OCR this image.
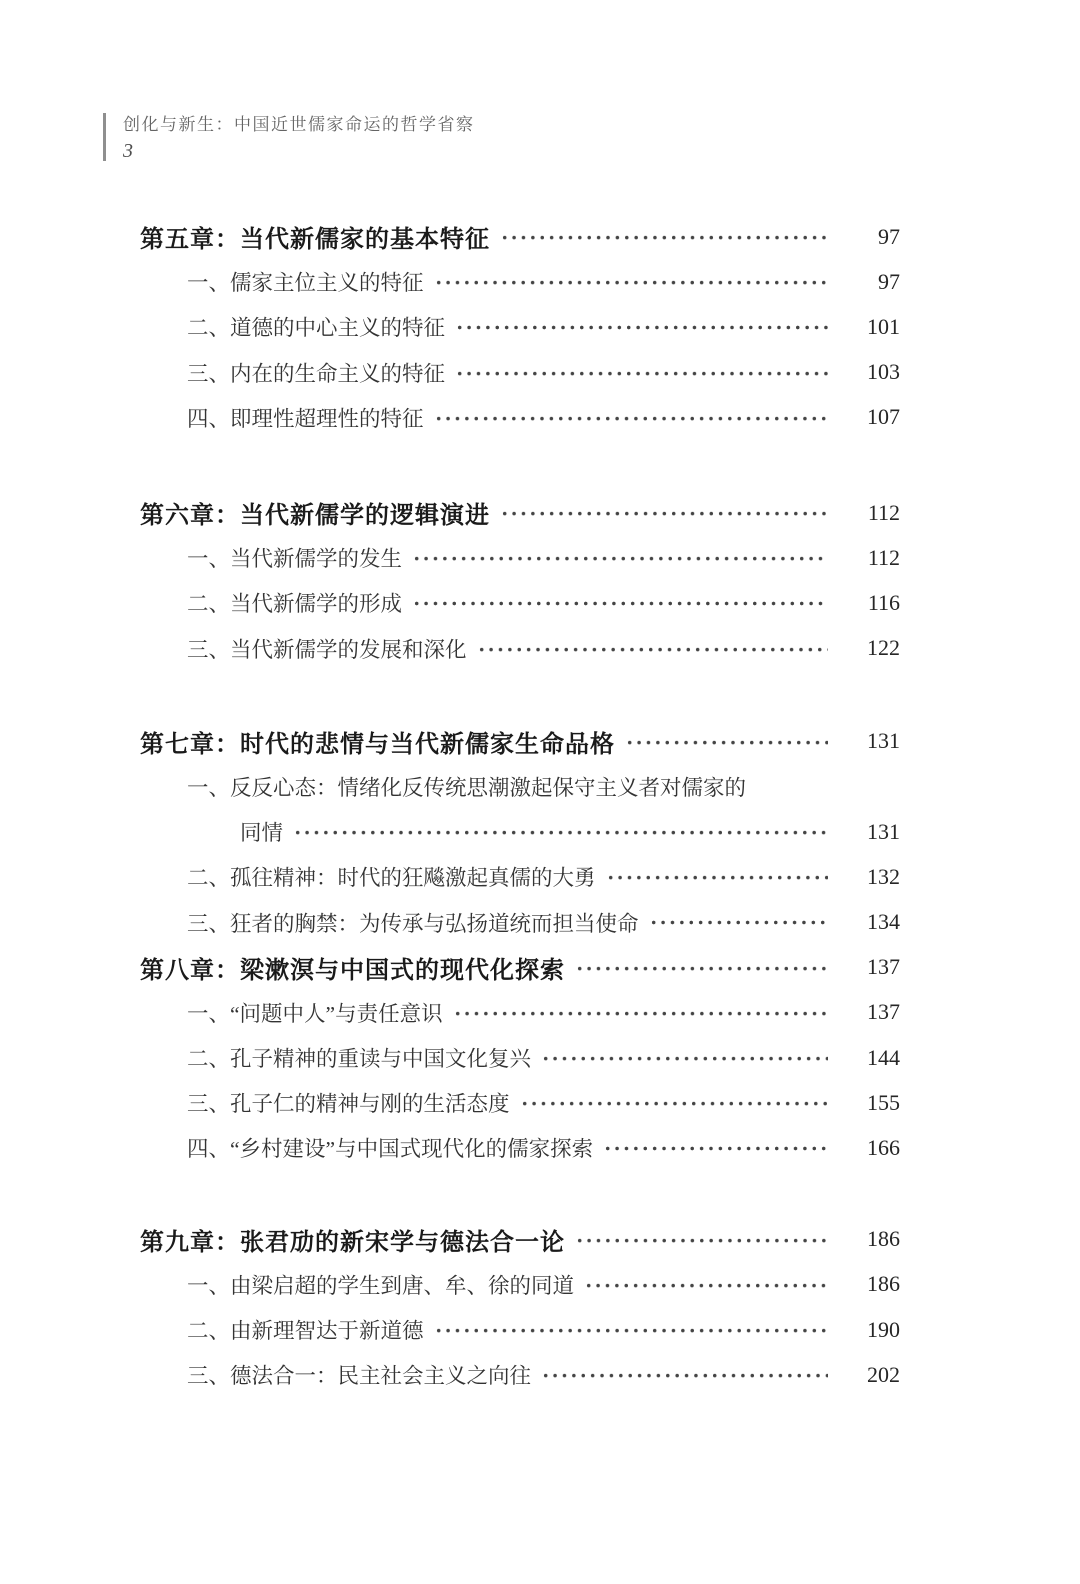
创化与新生：中国近世儒家命运的哲学省察
3
第五章：当代新儒家的基本特征	97
一、儒家主位主义的特征	97
二、道德的中心主义的特征	101
三、内在的生命主义的特征	103
四、即理性超理性的特征	107
第六章：当代新儒学的逻辑演进	112
一、当代新儒学的发生	112
二、当代新儒学的形成	116
三、当代新儒学的发展和深化	122
第七章：时代的悲情与当代新儒家生命品格	131
一、反反心态：情绪化反传统思潮激起保守主义者对儒家的
同情	131
二、孤往精神：时代的狂飚激起真儒的大勇	132
三、狂者的胸禁：为传承与弘扬道统而担当使命	134
第八章：梁漱溟与中国式的现代化探索	137
一、“问题中人”与责任意识	137
二、孔子精神的重读与中国文化复兴	144
三、孔子仁的精神与刚的生活态度	155
四、“乡村建设”与中国式现代化的儒家探索	166
第九章：张君劢的新宋学与德法合一论	186
一、由梁启超的学生到唐、牟、徐的同道	186
二、由新理智达于新道德	190
三、德法合一：民主社会主义之向往	202
